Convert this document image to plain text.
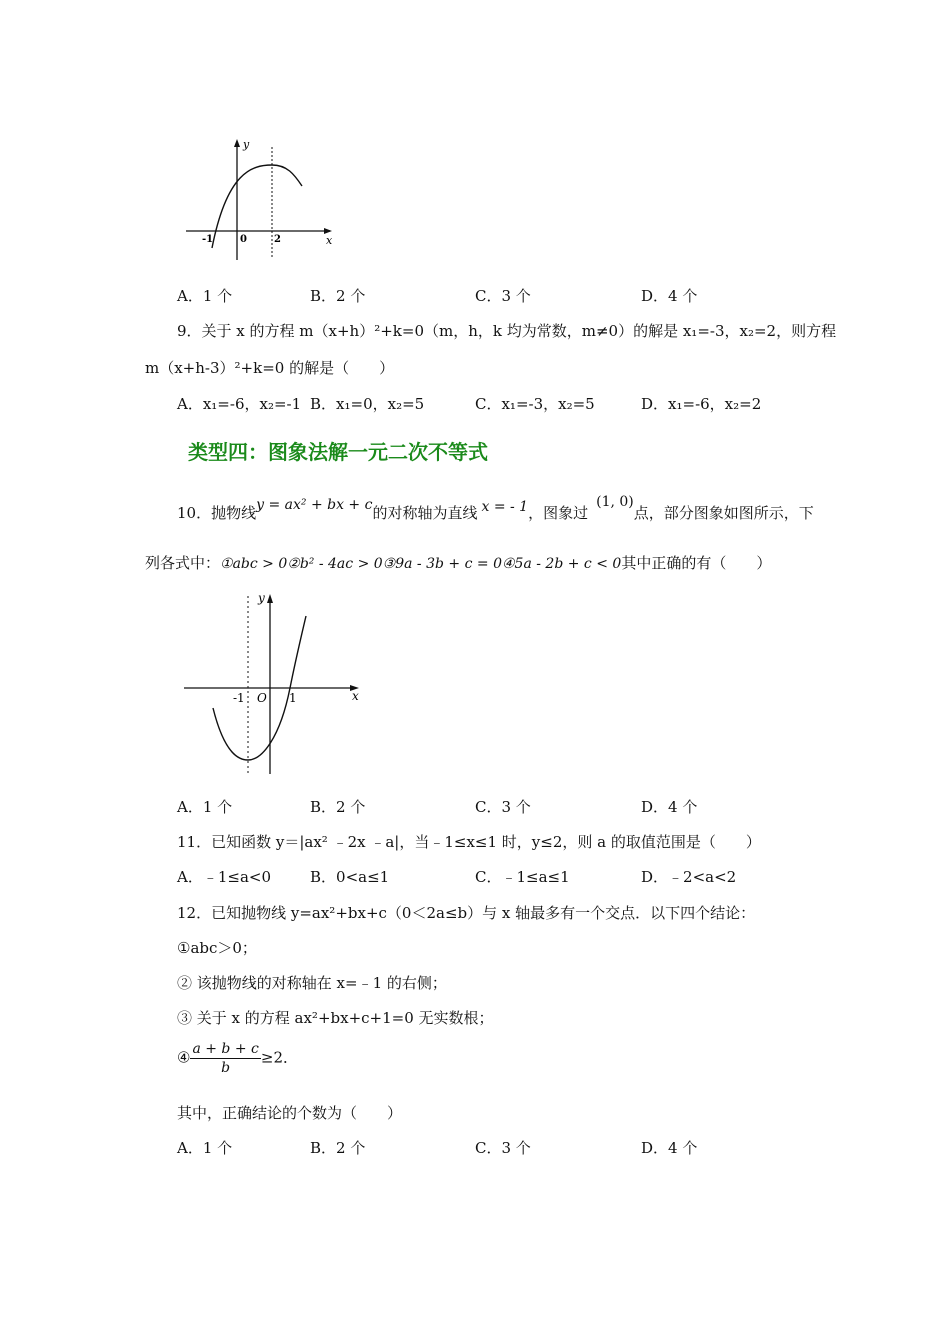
y
x
-1	0	2
A．1 个	B．2 个	C．3 个	D．4 个
9．关于 x 的方程 m（x+h）²+k=0（m，h，k 均为常数，m≠0）的解是 x₁=-3，x₂=2，则方程
m（x+h-3）²+k=0 的解是（　　）
A．x₁=-6，x₂=-1 B．x₁=0，x₂=5	C．x₁=-3，x₂=5	D．x₁=-6，x₂=2
类型四：图象法解一元二次不等式
10．抛物线y = ax² + bx + c的对称轴为直线 x = - 1，图象过(1, 0)点，部分图象如图所示，下
列各式中：①abc > 0②b² - 4ac > 0③9a - 3b + c = 0④5a - 2b + c < 0其中正确的有（　　）
y
x
-1 O 1
A．1 个	B．2 个	C．3 个	D．4 个
11．已知函数 y＝|ax² ﹣2x ﹣a|，当﹣1≤x≤1 时，y≤2，则 a 的取值范围是（　　）
A．﹣1≤a<0	B．0<a≤1	C．﹣1≤a≤1	D．﹣2<a<2
12．已知抛物线 y=ax²+bx+c（0＜2a≤b）与 x 轴最多有一个交点．以下四个结论：
①abc＞0；
② 该抛物线的对称轴在 x=﹣1 的右侧；
③ 关于 x 的方程 ax²+bx+c+1=0 无实数根；
④ $\frac{a + b + c}{b} \ge 2$．
其中，正确结论的个数为（　　）
A．1 个	B．2 个	C．3 个	D．4 个
